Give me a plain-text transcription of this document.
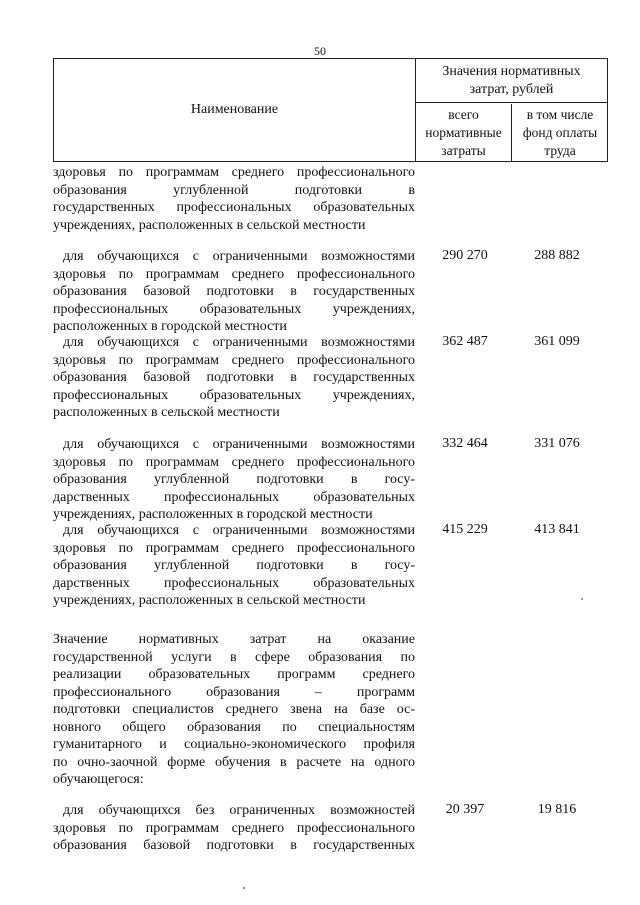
50
Наименование
Значения нормативных
затрат, рублей
всего
нормативные
затраты
в том числе
фонд оплаты
труда
здоровья по программам среднего профессионального
образования углубленной подготовки в
государственных профессиональных образовательных
учреждениях, расположенных в сельской местности
для обучающихся с ограниченными возможностями
здоровья по программам среднего профессионального
образования базовой подготовки в государственных
профессиональных образовательных учреждениях,
расположенных в городской местности
290 270	288 882
для обучающихся с ограниченными возможностями
здоровья по программам среднего профессионального
образования базовой подготовки в государственных
профессиональных образовательных учреждениях,
расположенных в сельской местности
362 487	361 099
для обучающихся с ограниченными возможностями
здоровья по программам среднего профессионального
образования углубленной подготовки в госу-
дарственных профессиональных образовательных
учреждениях, расположенных в городской местности
332 464	331 076
для обучающихся с ограниченными возможностями
здоровья по программам среднего профессионального
образования углубленной подготовки в госу-
дарственных профессиональных образовательных
учреждениях, расположенных в сельской местности
415 229	413 841
Значение нормативных затрат на оказание
государственной услуги в сфере образования по
реализации образовательных программ среднего
профессионального образования – программ
подготовки специалистов среднего звена на базе ос-
новного общего образования по специальностям
гуманитарного и социально-экономического профиля
по очно-заочной форме обучения в расчете на одного
обучающегося:
для обучающихся без ограниченных возможностей
здоровья по программам среднего профессионального
образования базовой подготовки в государственных
20 397	19 816
